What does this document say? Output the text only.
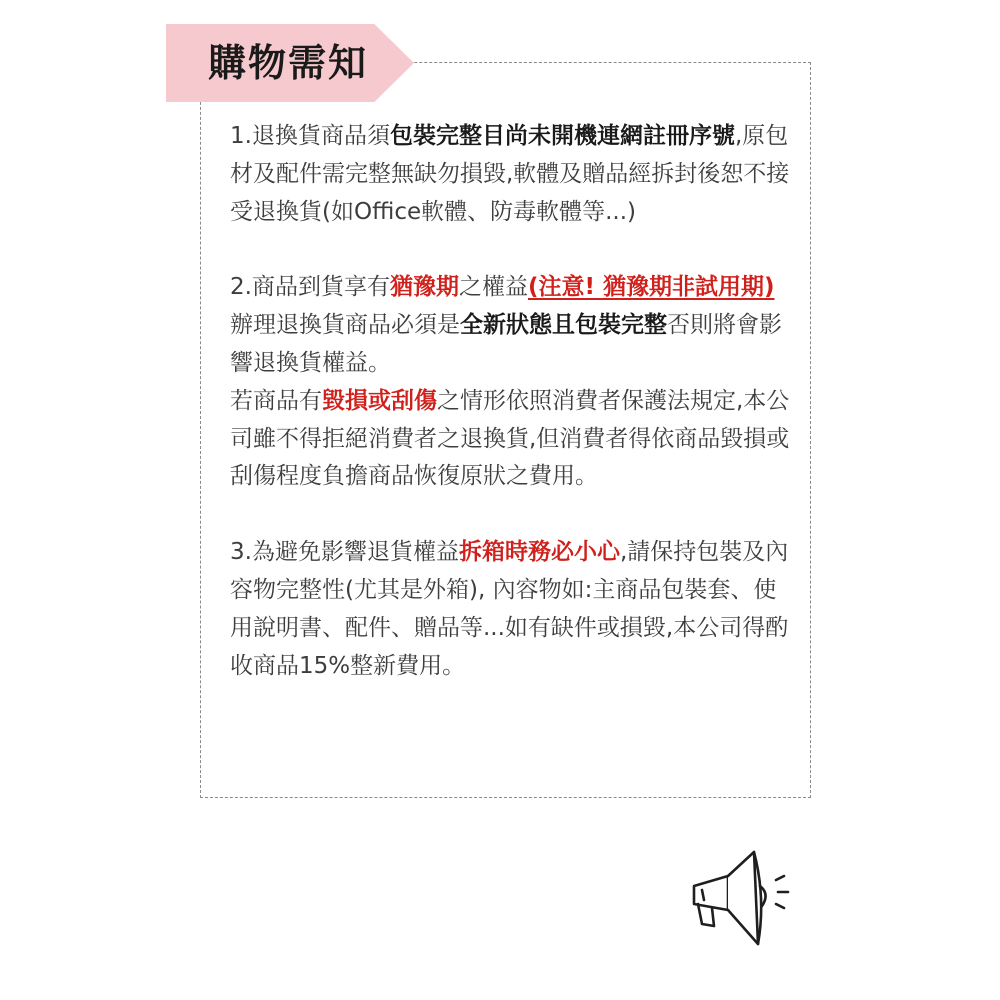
購物需知

1.退換貨商品須包裝完整目尚未開機連網註冊序號,原包材及配件需完整無缺勿損毀,軟體及贈品經拆封後恕不接受退換貨(如Office軟體、防毒軟體等...)

2.商品到貨享有猶豫期之權益(注意! 猶豫期非試用期)辦理退換貨商品必須是全新狀態且包裝完整否則將會影響退換貨權益。

若商品有毀損或刮傷之情形依照消費者保護法規定,本公司雖不得拒絕消費者之退換貨,但消費者得依商品毀損或刮傷程度負擔商品恢復原狀之費用。

3.為避免影響退貨權益拆箱時務必小心,請保持包裝及內容物完整性(尤其是外箱), 內容物如:主商品包裝套、使用說明書、配件、贈品等...如有缺件或損毀,本公司得酌收商品15%整新費用。
